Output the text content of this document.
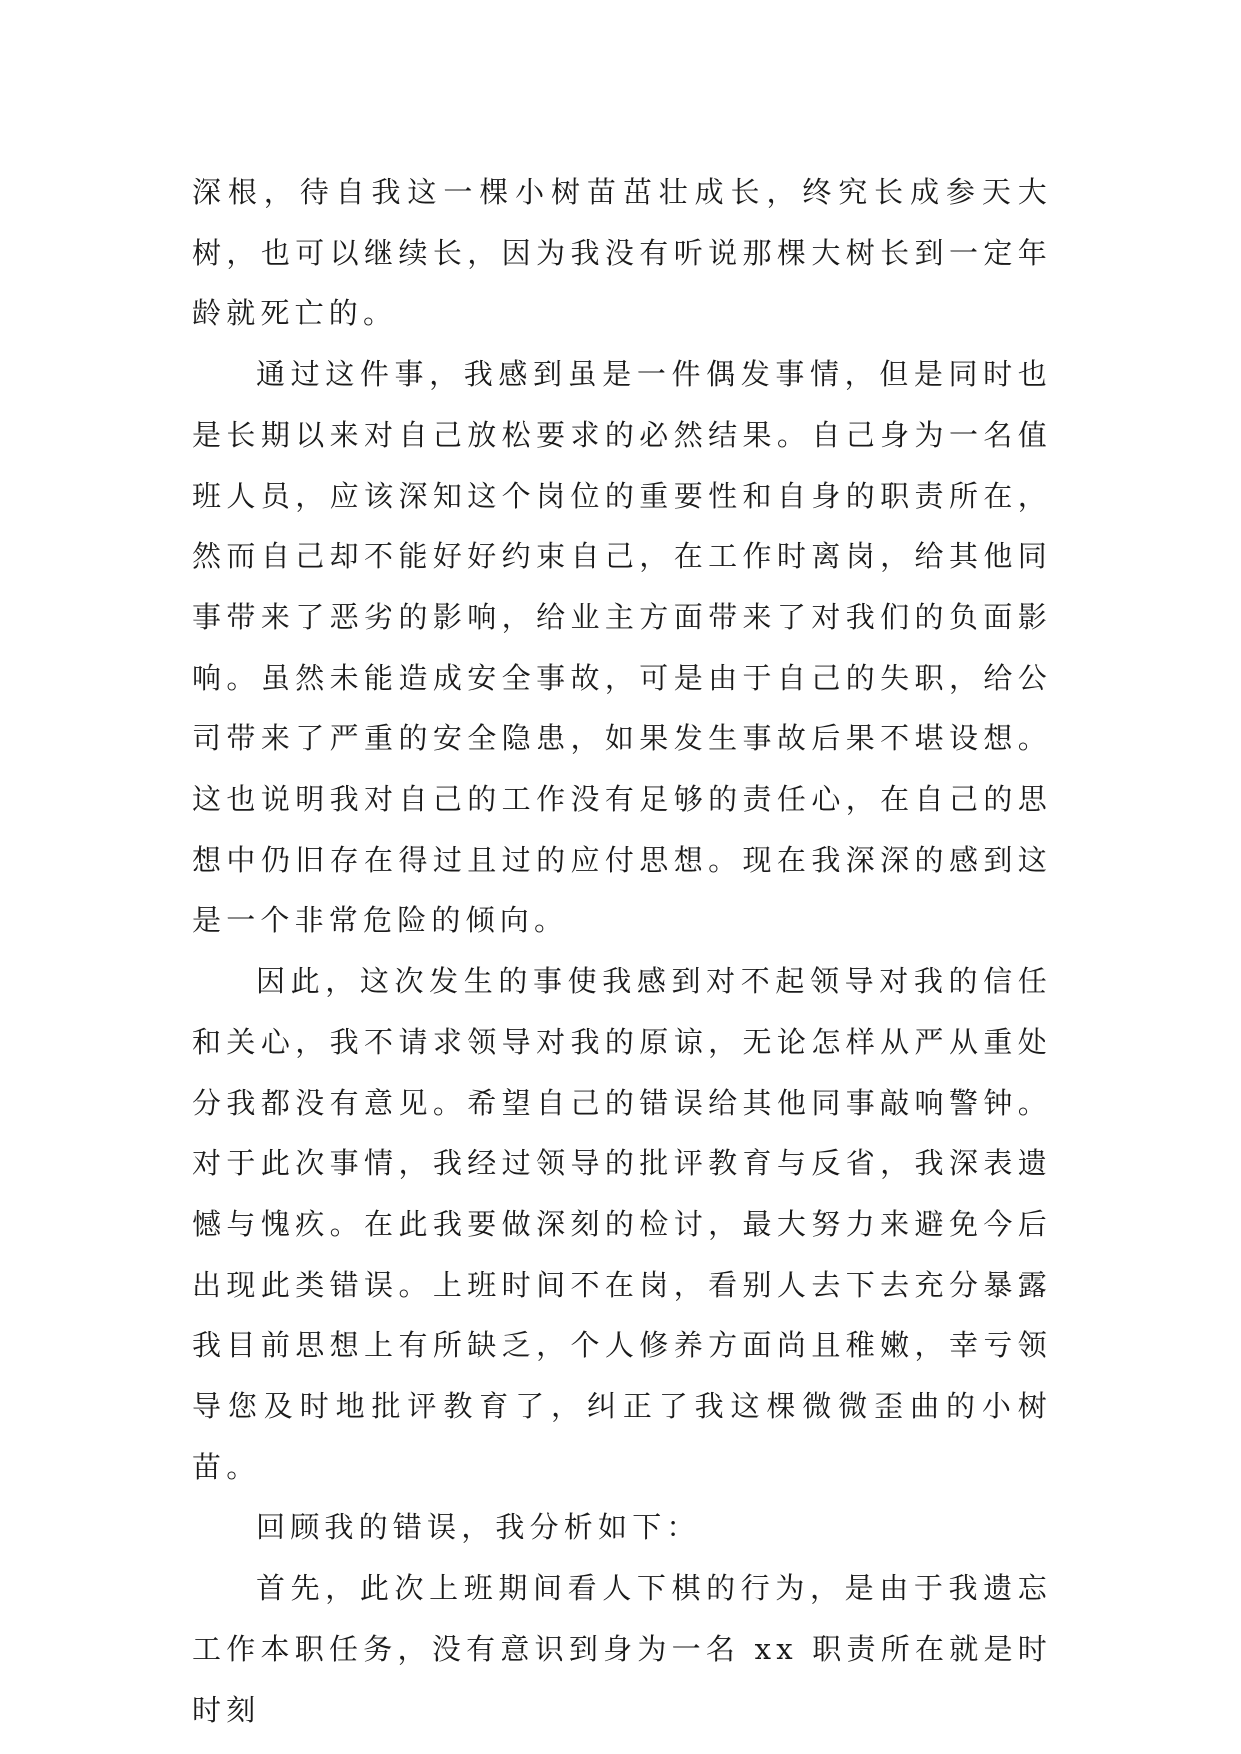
深根，待自我这一棵小树苗茁壮成长，终究长成参天大树，也可以继续长，因为我没有听说那棵大树长到一定年龄就死亡的。

通过这件事，我感到虽是一件偶发事情，但是同时也是长期以来对自己放松要求的必然结果。自己身为一名值班人员，应该深知这个岗位的重要性和自身的职责所在，然而自己却不能好好约束自己，在工作时离岗，给其他同事带来了恶劣的影响，给业主方面带来了对我们的负面影响。虽然未能造成安全事故，可是由于自己的失职，给公司带来了严重的安全隐患，如果发生事故后果不堪设想。这也说明我对自己的工作没有足够的责任心，在自己的思想中仍旧存在得过且过的应付思想。现在我深深的感到这是一个非常危险的倾向。

因此，这次发生的事使我感到对不起领导对我的信任和关心，我不请求领导对我的原谅，无论怎样从严从重处分我都没有意见。希望自己的错误给其他同事敲响警钟。对于此次事情，我经过领导的批评教育与反省，我深表遗憾与愧疚。在此我要做深刻的检讨，最大努力来避免今后出现此类错误。上班时间不在岗，看别人去下去充分暴露我目前思想上有所缺乏，个人修养方面尚且稚嫩，幸亏领导您及时地批评教育了，纠正了我这棵微微歪曲的小树苗。

回顾我的错误，我分析如下：

首先，此次上班期间看人下棋的行为，是由于我遗忘工作本职任务，没有意识到身为一名 xx 职责所在就是时时刻
